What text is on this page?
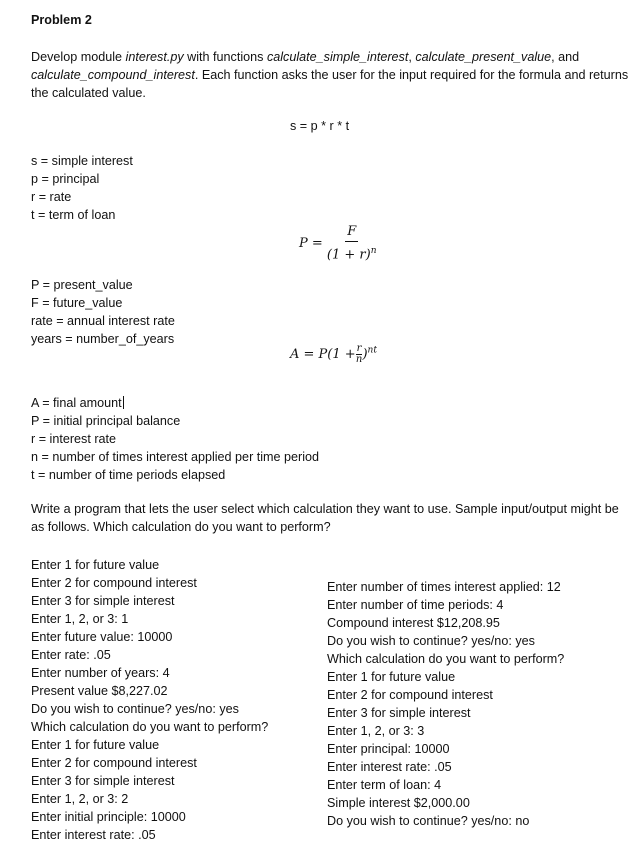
Problem 2
Develop module interest.py with functions calculate_simple_interest, calculate_present_value, and calculate_compound_interest. Each function asks the user for the input required for the formula and returns the calculated value.
s = p * r * t
s = simple interest
p = principal
r = rate
t = term of loan
$P = \frac{F}{(1 + r)^n}$
P = present_value
F = future_value
rate = annual interest rate
years = number_of_years
$A = P(1 + \frac{r}{n} )^{nt}$
A = final amount
P = initial principal balance
r = interest rate
n = number of times interest applied per time period
t = number of time periods elapsed
Write a program that lets the user select which calculation they want to use. Sample input/output might be as follows. Which calculation do you want to perform?
Enter 1 for future value
Enter 2 for compound interest
Enter 3 for simple interest
Enter 1, 2, or 3: 1
Enter future value: 10000
Enter rate: .05
Enter number of years: 4
Present value $8,227.02
Do you wish to continue? yes/no: yes
Which calculation do you want to perform?
Enter 1 for future value
Enter 2 for compound interest
Enter 3 for simple interest
Enter 1, 2, or 3: 2
Enter initial principle: 10000
Enter interest rate: .05
Enter number of times interest applied: 12
Enter number of time periods: 4
Compound interest $12,208.95
Do you wish to continue? yes/no: yes
Which calculation do you want to perform?
Enter 1 for future value
Enter 2 for compound interest
Enter 3 for simple interest
Enter 1, 2, or 3: 3
Enter principal: 10000
Enter interest rate: .05
Enter term of loan: 4
Simple interest $2,000.00
Do you wish to continue? yes/no: no
